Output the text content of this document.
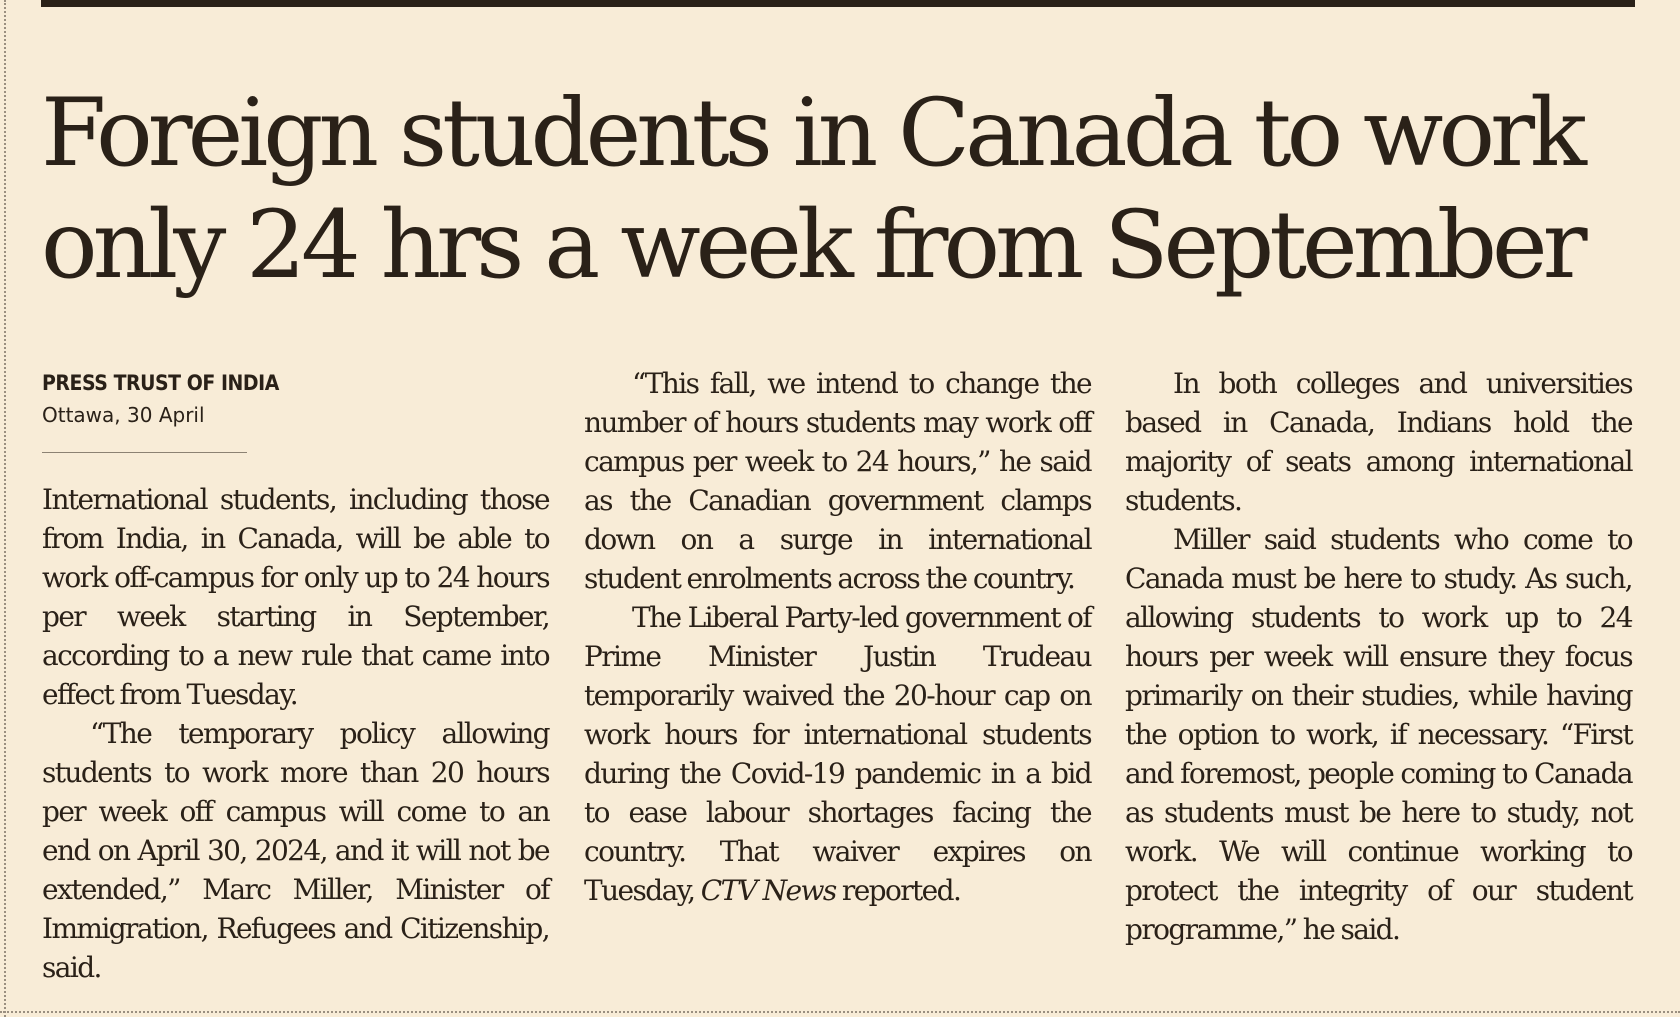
Foreign students in Canada to work
only 24 hrs a week from September
PRESS TRUST OF INDIA
Ottawa, 30 April

International students, including those from India, in Canada, will be able to work off-campus for only up to 24 hours per week starting in September, according to a new rule that came into effect from Tuesday.

“The temporary policy allowing students to work more than 20 hours per week off campus will come to an end on April 30, 2024, and it will not be extended,” Marc Miller, Minister of Immigration, Refugees and Citizenship, said.

“This fall, we intend to change the number of hours students may work off campus per week to 24 hours,” he said as the Canadian government clamps down on a surge in international student enrolments across the country.

The Liberal Party-led government of Prime Minister Justin Trudeau temporarily waived the 20-hour cap on work hours for international students during the Covid-19 pandemic in a bid to ease labour shortages facing the country. That waiver expires on Tuesday, CTV News reported.

In both colleges and universities based in Canada, Indians hold the majority of seats among international students.

Miller said students who come to Canada must be here to study. As such, allowing students to work up to 24 hours per week will ensure they focus primarily on their studies, while having the option to work, if necessary. “First and foremost, people coming to Canada as students must be here to study, not work. We will continue working to protect the integrity of our student programme,” he said.
